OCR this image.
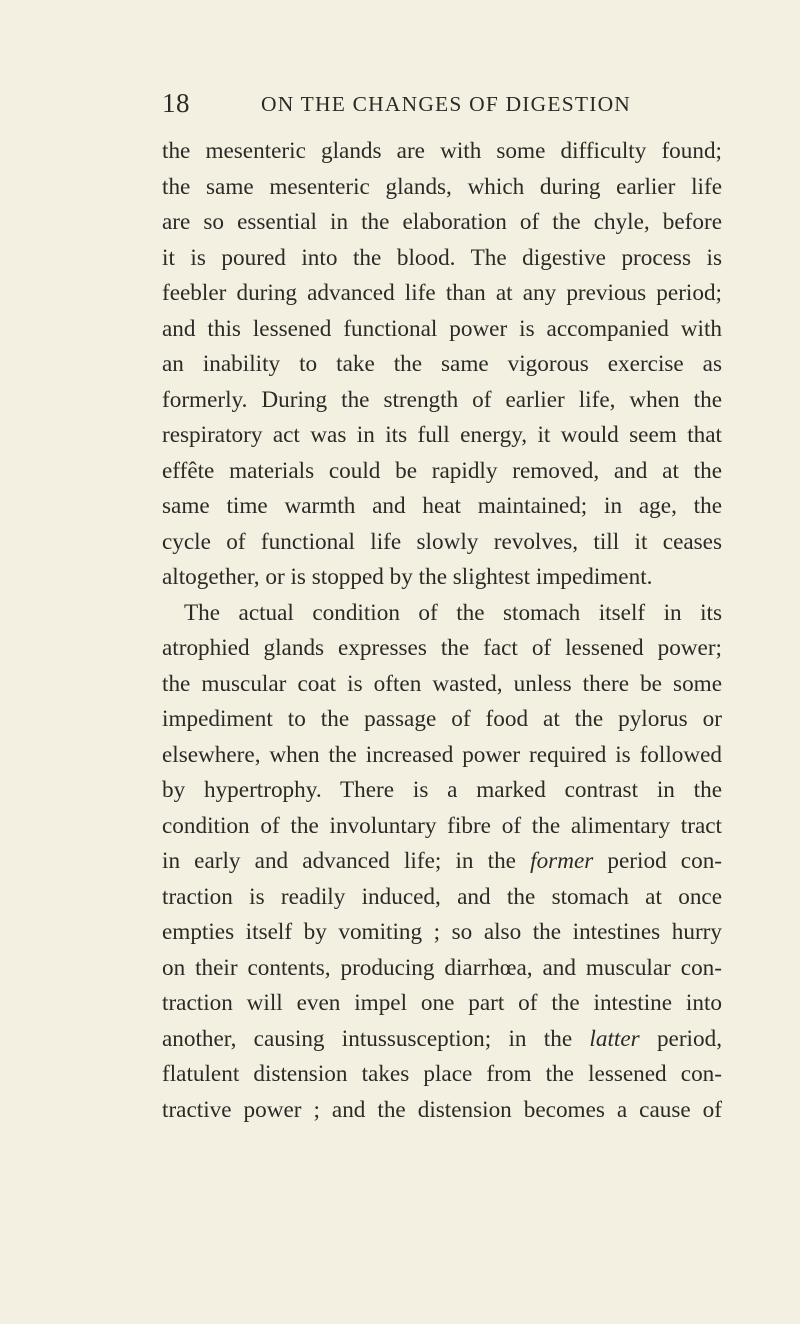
18	ON THE CHANGES OF DIGESTION
the mesenteric glands are with some difficulty found;
the same mesenteric glands, which during earlier life
are so essential in the elaboration of the chyle, before
it is poured into the blood. The digestive process is
feebler during advanced life than at any previous period;
and this lessened functional power is accompanied with
an inability to take the same vigorous exercise as
formerly. During the strength of earlier life, when the
respiratory act was in its full energy, it would seem that
effête materials could be rapidly removed, and at the
same time warmth and heat maintained; in age, the
cycle of functional life slowly revolves, till it ceases
altogether, or is stopped by the slightest impediment.
The actual condition of the stomach itself in its
atrophied glands expresses the fact of lessened power;
the muscular coat is often wasted, unless there be some
impediment to the passage of food at the pylorus or
elsewhere, when the increased power required is followed
by hypertrophy. There is a marked contrast in the
condition of the involuntary fibre of the alimentary tract
in early and advanced life; in the former period con-
traction is readily induced, and the stomach at once
empties itself by vomiting ; so also the intestines hurry
on their contents, producing diarrhœa, and muscular con-
traction will even impel one part of the intestine into
another, causing intussusception; in the latter period,
flatulent distension takes place from the lessened con-
tractive power ; and the distension becomes a cause of
